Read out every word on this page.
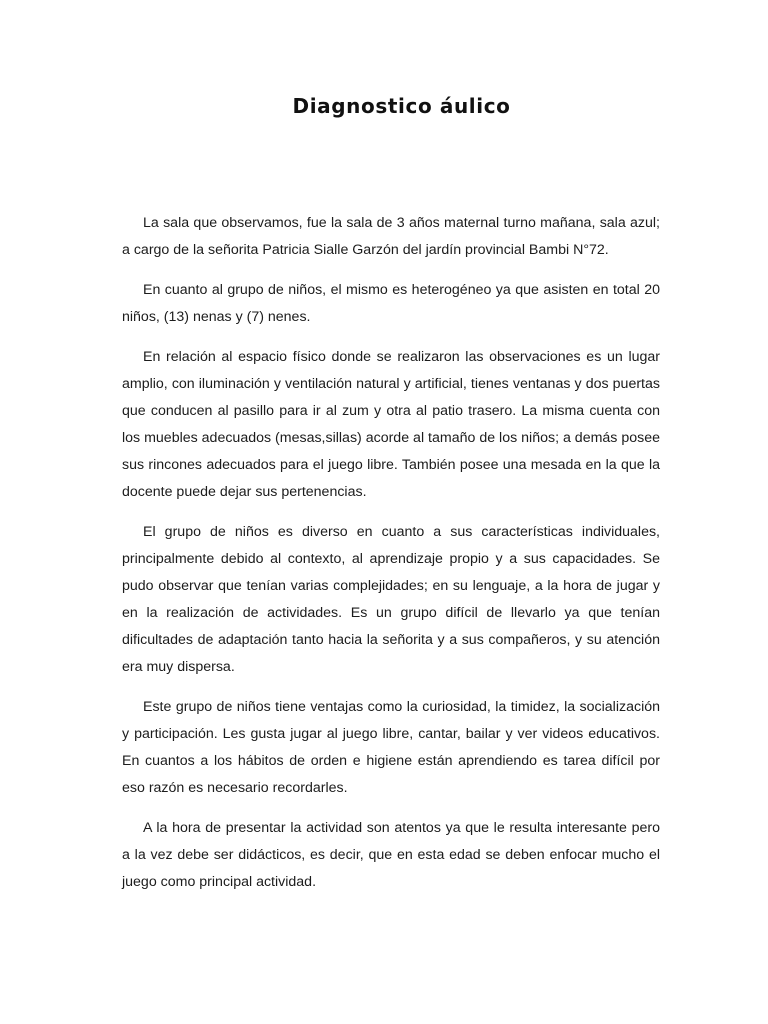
Diagnostico áulico

La sala que observamos, fue la sala de 3 años maternal turno mañana, sala azul; a cargo de la señorita Patricia Sialle Garzón del jardín provincial Bambi N°72.

En cuanto al grupo de niños, el mismo es heterogéneo ya que asisten en total 20 niños, (13) nenas y (7) nenes.

En relación al espacio físico donde se realizaron las observaciones es un lugar amplio, con iluminación y ventilación natural y artificial, tienes ventanas y dos puertas que conducen al pasillo para ir al zum y otra al patio trasero. La misma cuenta con los muebles adecuados (mesas,sillas) acorde al tamaño de los niños; a demás posee sus rincones adecuados para el juego libre. También posee una mesada en la que la docente puede dejar sus pertenencias.

El grupo de niños es diverso en cuanto a sus características individuales, principalmente debido al contexto, al aprendizaje propio y a sus capacidades. Se pudo observar que tenían varias complejidades; en su lenguaje, a la hora de jugar y en la realización de actividades. Es un grupo difícil de llevarlo ya que tenían dificultades de adaptación tanto hacia la señorita y a sus compañeros, y su atención era muy dispersa.

Este grupo de niños tiene ventajas como la curiosidad, la timidez, la socialización y participación. Les gusta jugar al juego libre, cantar, bailar y ver videos educativos. En cuantos a los hábitos de orden e higiene están aprendiendo es tarea difícil por eso razón es necesario recordarles.

A la hora de presentar la actividad son atentos ya que le resulta interesante pero a la vez debe ser didácticos, es decir, que en esta edad se deben enfocar mucho el juego como principal actividad.
